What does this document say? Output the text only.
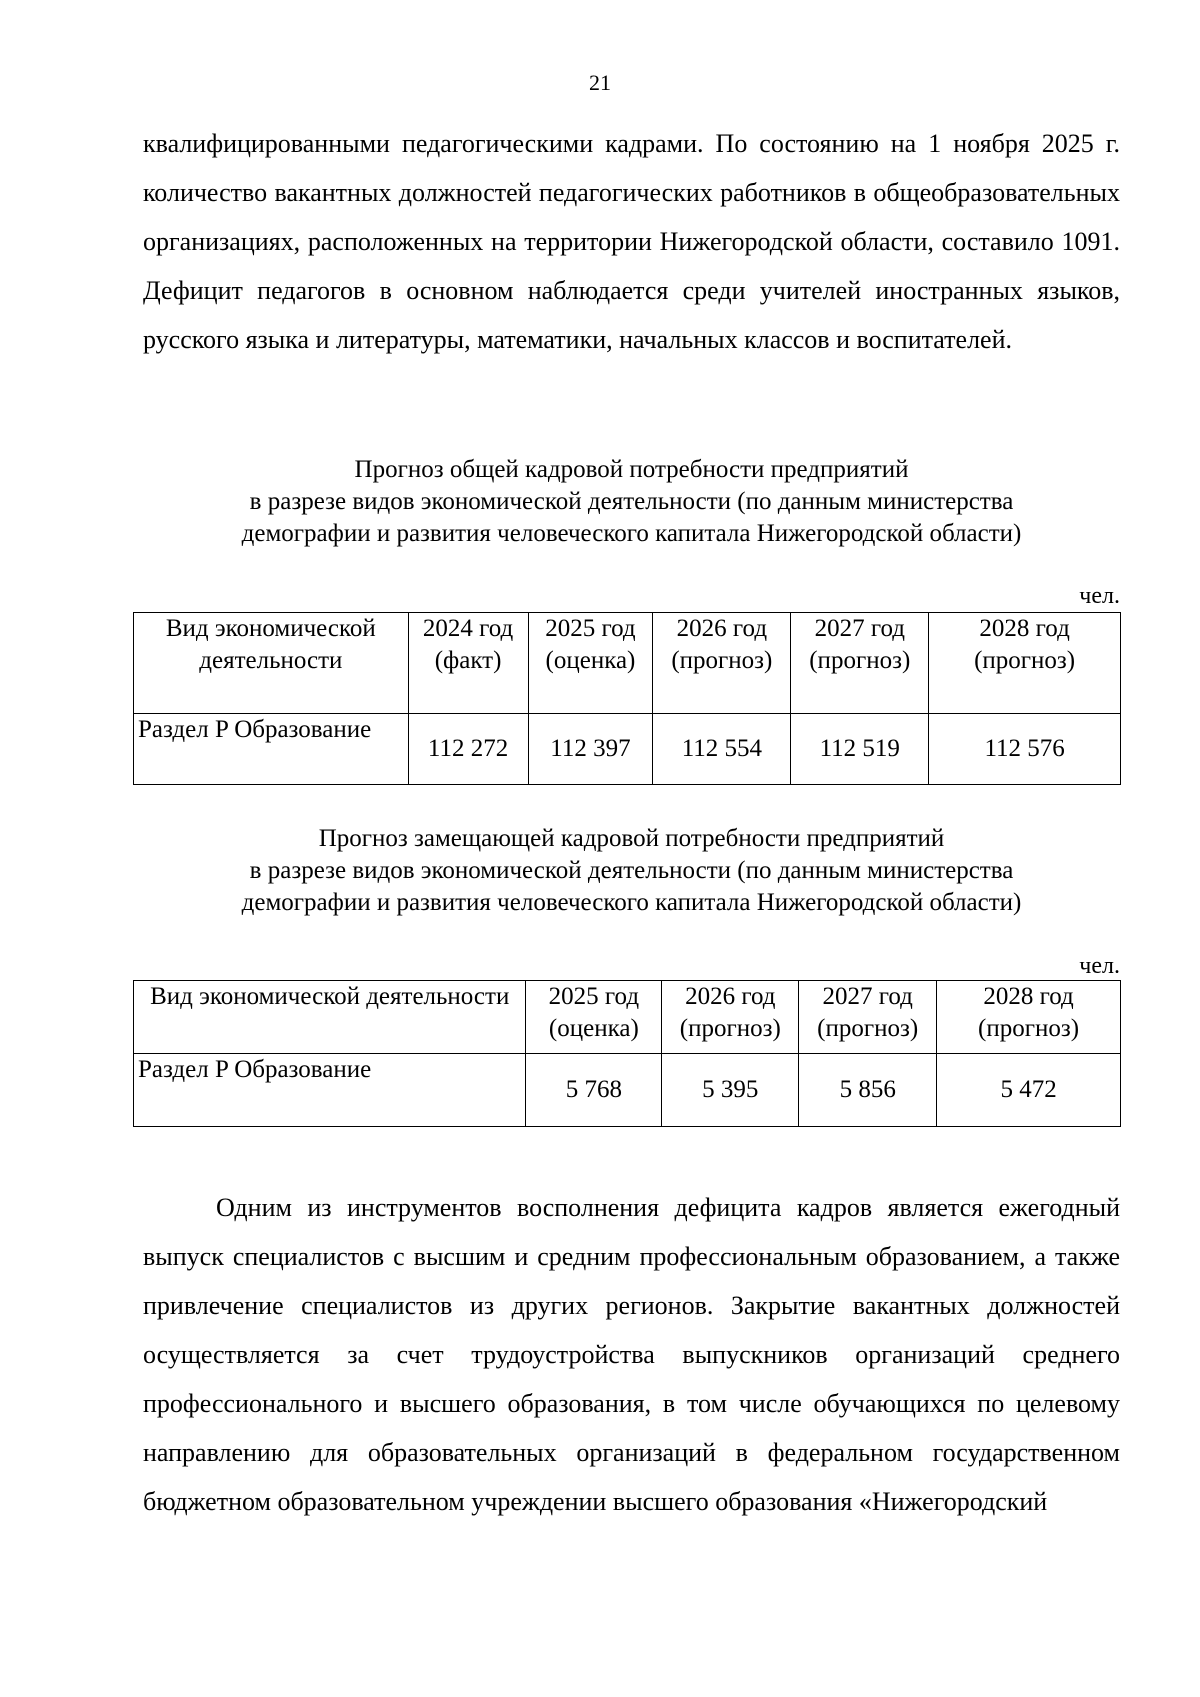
21

квалифицированными педагогическими кадрами. По состоянию на 1 ноября 2025 г. количество вакантных должностей педагогических работников в общеобразовательных организациях, расположенных на территории Нижегородской области, составило 1091. Дефицит педагогов в основном наблюдается среди учителей иностранных языков, русского языка и литературы, математики, начальных классов и воспитателей.

Прогноз общей кадровой потребности предприятий
в разрезе видов экономической деятельности (по данным министерства
демографии и развития человеческого капитала Нижегородской области)
чел.
Вид экономической деятельности	2024 год (факт)	2025 год (оценка)	2026 год (прогноз)	2027 год (прогноз)	2028 год (прогноз)
Раздел P Образование	112 272	112 397	112 554	112 519	112 576
Прогноз замещающей кадровой потребности предприятий
в разрезе видов экономической деятельности (по данным министерства
демографии и развития человеческого капитала Нижегородской области)
чел.
Вид экономической деятельности	2025 год (оценка)	2026 год (прогноз)	2027 год (прогноз)	2028 год (прогноз)
Раздел P Образование	5 768	5 395	5 856	5 472

Одним из инструментов восполнения дефицита кадров является ежегодный выпуск специалистов с высшим и средним профессиональным образованием, а также привлечение специалистов из других регионов. Закрытие вакантных должностей осуществляется за счет трудоустройства выпускников организаций среднего профессионального и высшего образования, в том числе обучающихся по целевому направлению для образовательных организаций в федеральном государственном бюджетном образовательном учреждении высшего образования «Нижегородский
